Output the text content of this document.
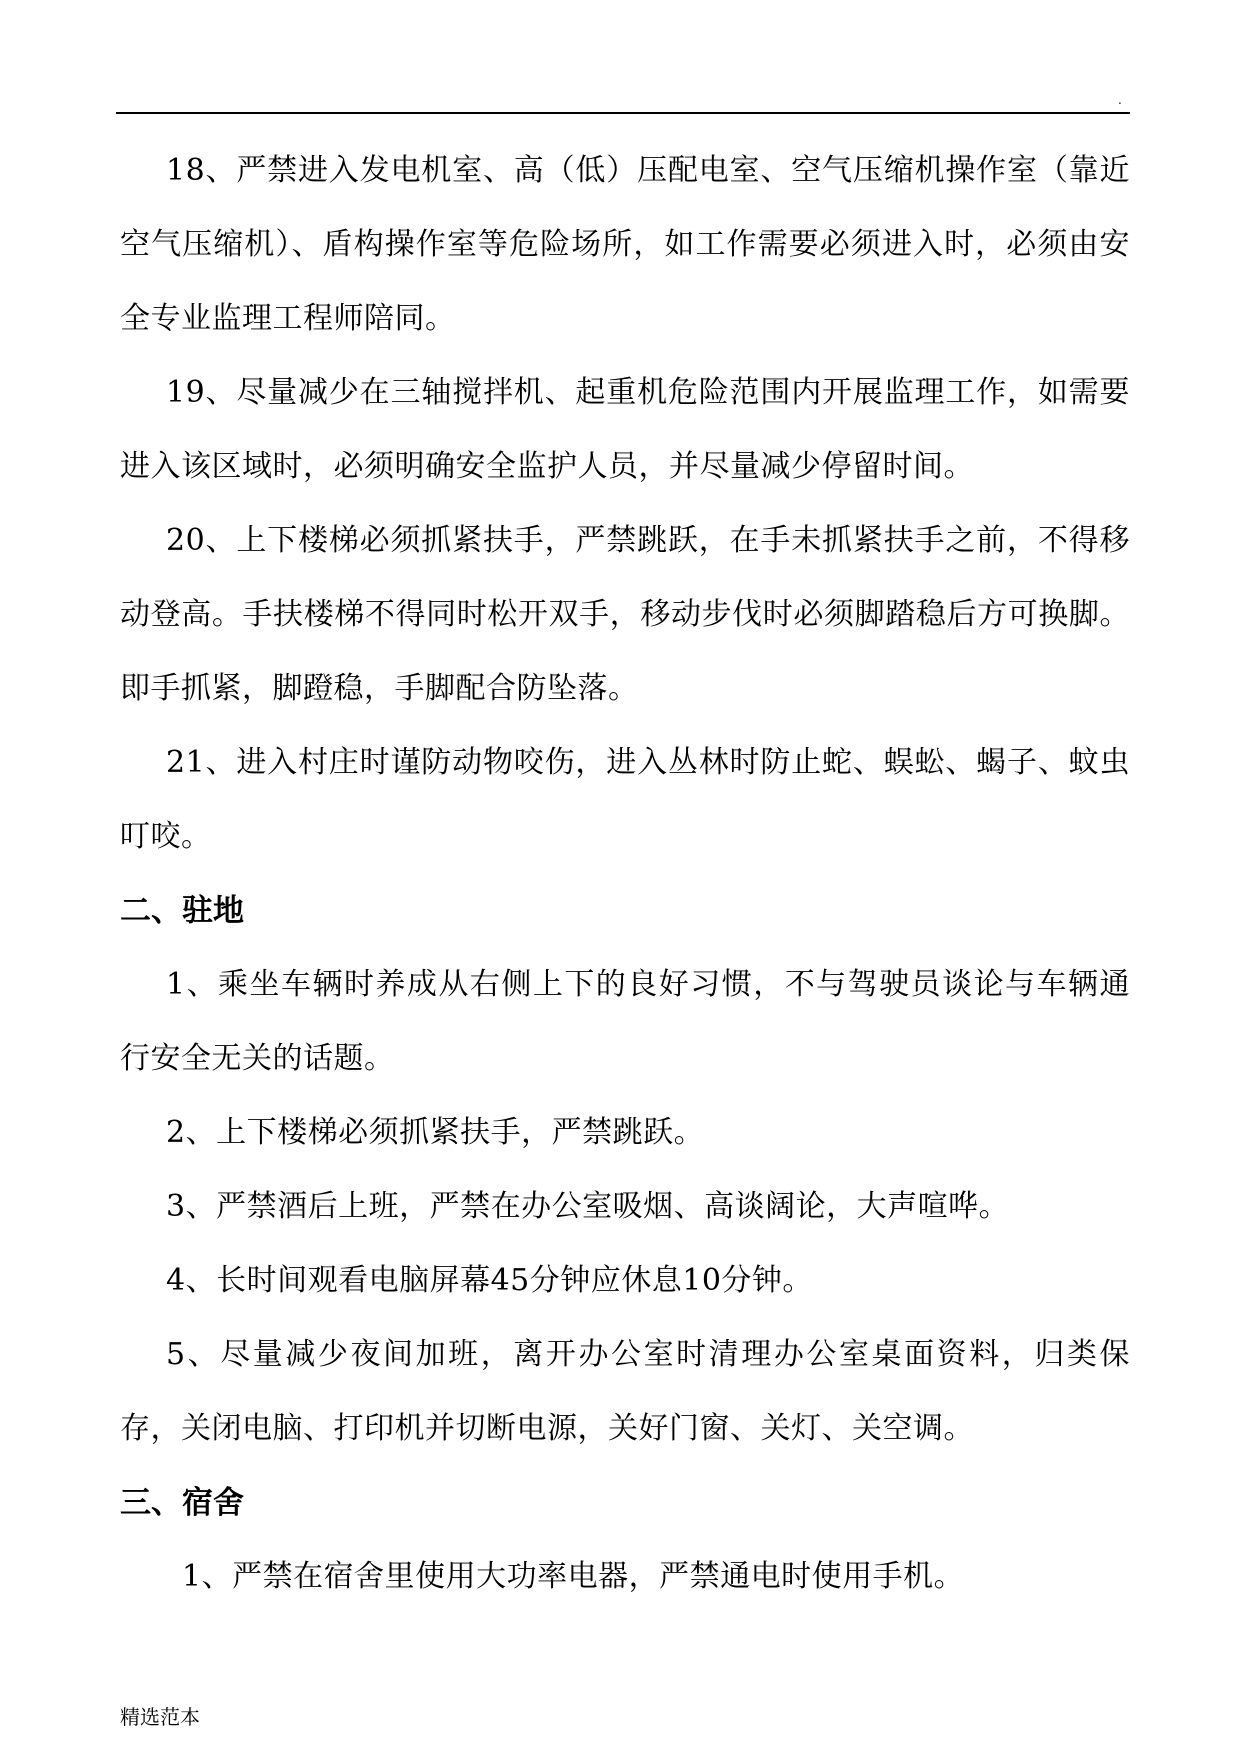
.

18、严禁进入发电机室、高（低）压配电室、空气压缩机操作室（靠近空气压缩机）、盾构操作室等危险场所，如工作需要必须进入时，必须由安全专业监理工程师陪同。

19、尽量减少在三轴搅拌机、起重机危险范围内开展监理工作，如需要进入该区域时，必须明确安全监护人员，并尽量减少停留时间。

20、上下楼梯必须抓紧扶手，严禁跳跃，在手未抓紧扶手之前，不得移动登高。手扶楼梯不得同时松开双手，移动步伐时必须脚踏稳后方可换脚。即手抓紧，脚蹬稳，手脚配合防坠落。

21、进入村庄时谨防动物咬伤，进入丛林时防止蛇、蜈蚣、蝎子、蚊虫叮咬。

二、驻地

1、乘坐车辆时养成从右侧上下的良好习惯，不与驾驶员谈论与车辆通行安全无关的话题。

2、上下楼梯必须抓紧扶手，严禁跳跃。

3、严禁酒后上班，严禁在办公室吸烟、高谈阔论，大声喧哗。

4、长时间观看电脑屏幕45分钟应休息10分钟。

5、尽量减少夜间加班，离开办公室时清理办公室桌面资料，归类保存，关闭电脑、打印机并切断电源，关好门窗、关灯、关空调。

三、宿舍

1、严禁在宿舍里使用大功率电器，严禁通电时使用手机。

精选范本
